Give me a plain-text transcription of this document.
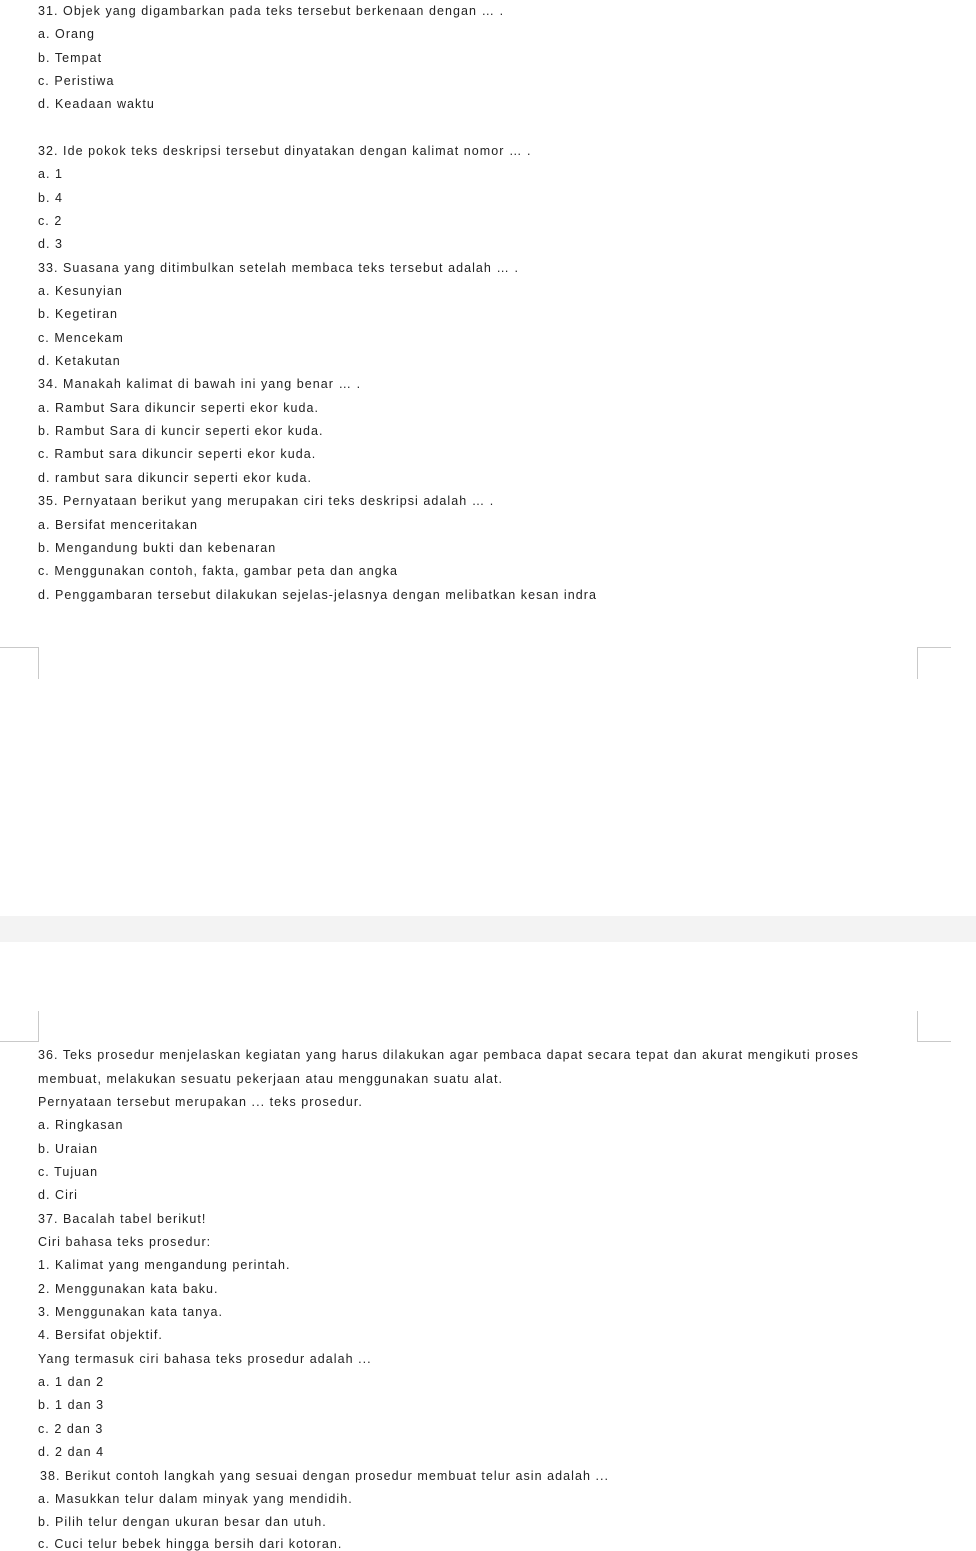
31. Objek yang digambarkan pada teks tersebut berkenaan dengan … .
a. Orang
b. Tempat
c. Peristiwa
d. Keadaan waktu
32. Ide pokok teks deskripsi tersebut dinyatakan dengan kalimat nomor … .
a. 1
b. 4
c. 2
d. 3
33. Suasana yang ditimbulkan setelah membaca teks tersebut adalah … .
a. Kesunyian
b. Kegetiran
c. Mencekam
d. Ketakutan
34. Manakah kalimat di bawah ini yang benar … .
a. Rambut Sara dikuncir seperti ekor kuda.
b. Rambut Sara di kuncir seperti ekor kuda.
c. Rambut sara dikuncir seperti ekor kuda.
d. rambut sara dikuncir seperti ekor kuda.
35. Pernyataan berikut yang merupakan ciri teks deskripsi adalah … .
a. Bersifat menceritakan
b. Mengandung bukti dan kebenaran
c. Menggunakan contoh, fakta, gambar peta dan angka
d. Penggambaran tersebut dilakukan sejelas-jelasnya dengan melibatkan kesan indra
36. Teks prosedur menjelaskan kegiatan yang harus dilakukan agar pembaca dapat secara tepat dan akurat mengikuti proses
membuat, melakukan sesuatu pekerjaan atau menggunakan suatu alat.
Pernyataan tersebut merupakan ... teks prosedur.
a. Ringkasan
b. Uraian
c. Tujuan
d. Ciri
37. Bacalah tabel berikut!
Ciri bahasa teks prosedur:
1. Kalimat yang mengandung perintah.
2. Menggunakan kata baku.
3. Menggunakan kata tanya.
4. Bersifat objektif.
Yang termasuk ciri bahasa teks prosedur adalah ...
a. 1 dan 2
b. 1 dan 3
c. 2 dan 3
d. 2 dan 4
38. Berikut contoh langkah yang sesuai dengan prosedur membuat telur asin adalah ...
a. Masukkan telur dalam minyak yang mendidih.
b. Pilih telur dengan ukuran besar dan utuh.
c. Cuci telur bebek hingga bersih dari kotoran.
